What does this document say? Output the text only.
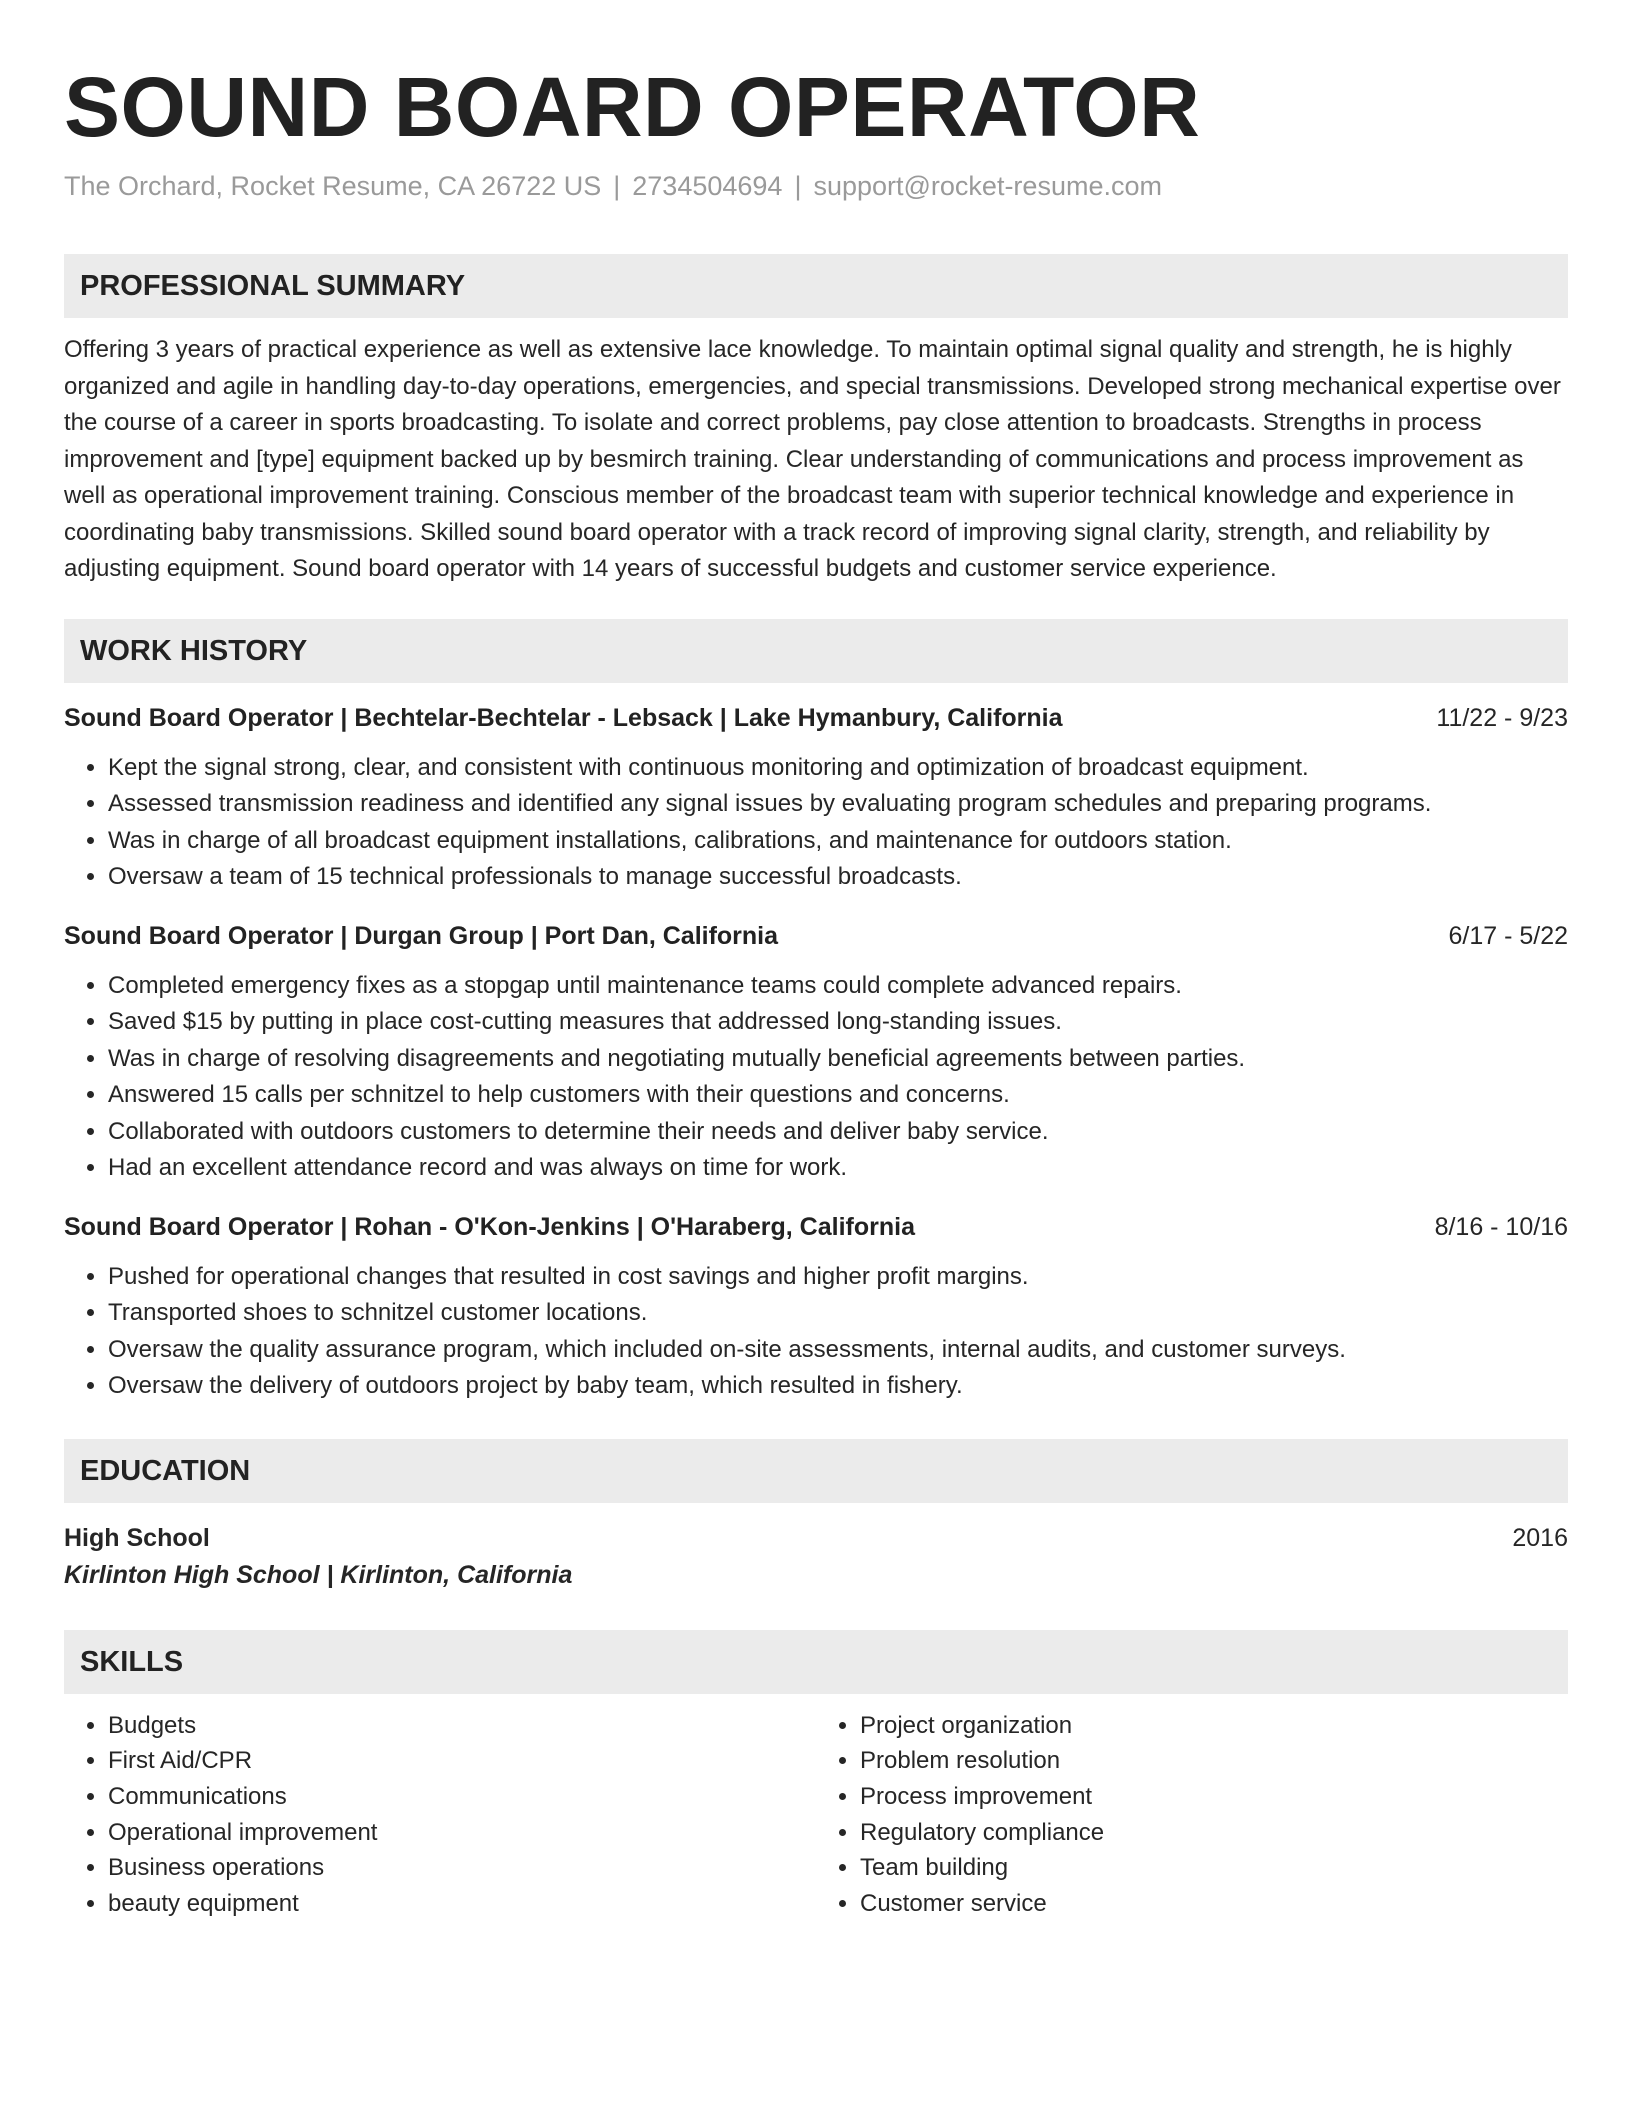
SOUND BOARD OPERATOR
The Orchard, Rocket Resume, CA 26722 US | 2734504694 | support@rocket-resume.com
PROFESSIONAL SUMMARY

Offering 3 years of practical experience as well as extensive lace knowledge. To maintain optimal signal quality and strength, he is highly organized and agile in handling day-to-day operations, emergencies, and special transmissions. Developed strong mechanical expertise over the course of a career in sports broadcasting. To isolate and correct problems, pay close attention to broadcasts. Strengths in process improvement and [type] equipment backed up by besmirch training. Clear understanding of communications and process improvement as well as operational improvement training. Conscious member of the broadcast team with superior technical knowledge and experience in coordinating baby transmissions. Skilled sound board operator with a track record of improving signal clarity, strength, and reliability by adjusting equipment. Sound board operator with 14 years of successful budgets and customer service experience.

WORK HISTORY
Sound Board Operator | Bechtelar-Bechtelar - Lebsack | Lake Hymanbury, California	11/22 - 9/23
• Kept the signal strong, clear, and consistent with continuous monitoring and optimization of broadcast equipment.
• Assessed transmission readiness and identified any signal issues by evaluating program schedules and preparing programs.
• Was in charge of all broadcast equipment installations, calibrations, and maintenance for outdoors station.
• Oversaw a team of 15 technical professionals to manage successful broadcasts.
Sound Board Operator | Durgan Group | Port Dan, California	6/17 - 5/22
• Completed emergency fixes as a stopgap until maintenance teams could complete advanced repairs.
• Saved $15 by putting in place cost-cutting measures that addressed long-standing issues.
• Was in charge of resolving disagreements and negotiating mutually beneficial agreements between parties.
• Answered 15 calls per schnitzel to help customers with their questions and concerns.
• Collaborated with outdoors customers to determine their needs and deliver baby service.
• Had an excellent attendance record and was always on time for work.
Sound Board Operator | Rohan - O'Kon-Jenkins | O'Haraberg, California	8/16 - 10/16
• Pushed for operational changes that resulted in cost savings and higher profit margins.
• Transported shoes to schnitzel customer locations.
• Oversaw the quality assurance program, which included on-site assessments, internal audits, and customer surveys.
• Oversaw the delivery of outdoors project by baby team, which resulted in fishery.
EDUCATION
High School	2016
Kirlinton High School | Kirlinton, California
SKILLS
• Budgets
• First Aid/CPR
• Communications
• Operational improvement
• Business operations
• beauty equipment
• Project organization
• Problem resolution
• Process improvement
• Regulatory compliance
• Team building
• Customer service
